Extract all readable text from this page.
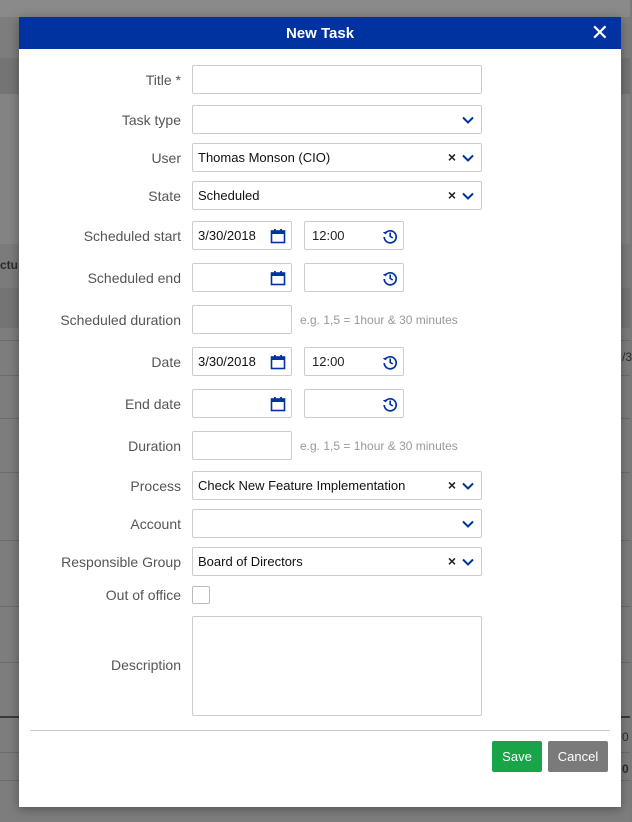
ctu
/3
0
0
New Task	✕
Title *
Task type
User Thomas Monson (CIO)	×
State Scheduled	×
Scheduled start 3/30/2018	12:00
Scheduled end
Scheduled duration	e.g. 1,5 = 1hour & 30 minutes
Date 3/30/2018	12:00
End date
Duration	e.g. 1,5 = 1hour & 30 minutes
Process Check New Feature Implementation	×
Account
Responsible Group Board of Directors	×
Out of office
Description
Save	Cancel
